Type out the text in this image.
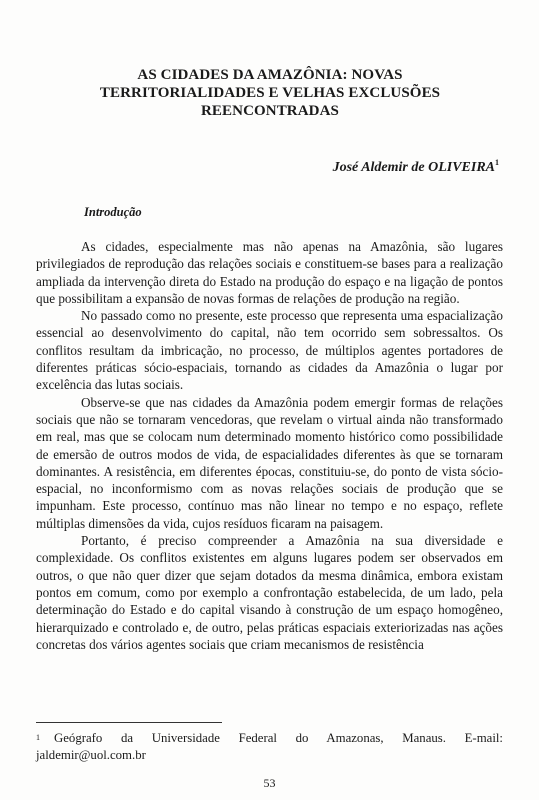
AS CIDADES DA AMAZÔNIA: NOVAS
TERRITORIALIDADES E VELHAS EXCLUSÕES
REENCONTRADAS
José Aldemir de OLIVEIRA$^1$
Introdução

As cidades, especialmente mas não apenas na Amazônia, são lugares privilegiados de reprodução das relações sociais e constituem-se bases para a realização ampliada da intervenção direta do Estado na produção do espaço e na ligação de pontos que possibilitam a expansão de novas formas de relações de produção na região.

No passado como no presente, este processo que representa uma espacialização essencial ao desenvolvimento do capital, não tem ocorrido sem sobressaltos. Os conflitos resultam da imbricação, no processo, de múltiplos agentes portadores de diferentes práticas sócio-espaciais, tornando as cidades da Amazônia o lugar por excelência das lutas sociais.

Observe-se que nas cidades da Amazônia podem emergir formas de relações sociais que não se tornaram vencedoras, que revelam o virtual ainda não transformado em real, mas que se colocam num determinado momento histórico como possibilidade de emersão de outros modos de vida, de espacialidades diferentes às que se tornaram dominantes. A resistência, em diferentes épocas, constituiu-se, do ponto de vista sócio-espacial, no inconformismo com as novas relações sociais de produção que se impunham. Este processo, contínuo mas não linear no tempo e no espaço, reflete múltiplas dimensões da vida, cujos resíduos ficaram na paisagem.

Portanto, é preciso compreender a Amazônia na sua diversidade e complexidade. Os conflitos existentes em alguns lugares podem ser observados em outros, o que não quer dizer que sejam dotados da mesma dinâmica, embora existam pontos em comum, como por exemplo a confrontação estabelecida, de um lado, pela determinação do Estado e do capital visando à construção de um espaço homogêneo, hierarquizado e controlado e, de outro, pelas práticas espaciais exteriorizadas nas ações concretas dos vários agentes sociais que criam mecanismos de resistência

$^1$ Geógrafo da Universidade Federal do Amazonas, Manaus. E-mail: jaldemir@uol.com.br
53
